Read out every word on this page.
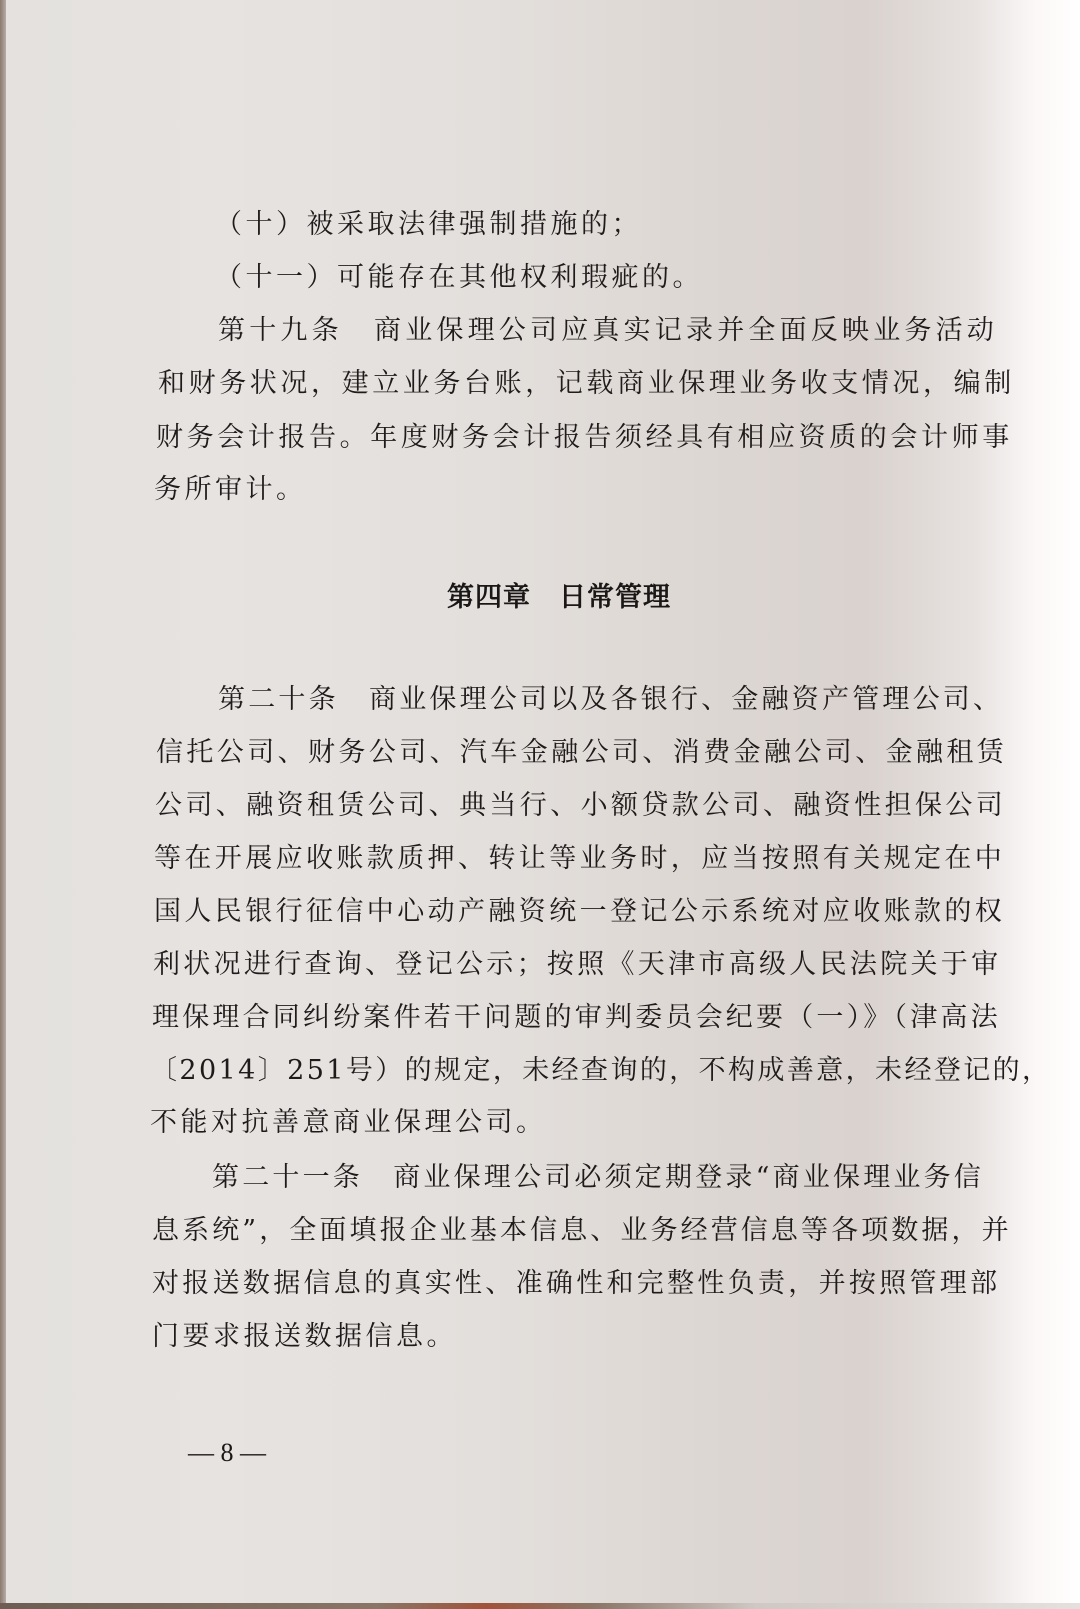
（十）被采取法律强制措施的；
（十一）可能存在其他权利瑕疵的。
第十九条　商业保理公司应真实记录并全面反映业务活动
和财务状况，建立业务台账，记载商业保理业务收支情况，编制
财务会计报告。年度财务会计报告须经具有相应资质的会计师事
务所审计。
第四章　日常管理
第二十条　商业保理公司以及各银行、金融资产管理公司、
信托公司、财务公司、汽车金融公司、消费金融公司、金融租赁
公司、融资租赁公司、典当行、小额贷款公司、融资性担保公司
等在开展应收账款质押、转让等业务时，应当按照有关规定在中
国人民银行征信中心动产融资统一登记公示系统对应收账款的权
利状况进行查询、登记公示；按照《天津市高级人民法院关于审
理保理合同纠纷案件若干问题的审判委员会纪要（一）》（津高法
〔2014〕251号）的规定，未经查询的，不构成善意，未经登记的，
不能对抗善意商业保理公司。
第二十一条　商业保理公司必须定期登录“商业保理业务信
息系统”，全面填报企业基本信息、业务经营信息等各项数据，并
对报送数据信息的真实性、准确性和完整性负责，并按照管理部
门要求报送数据信息。
— 8 —
